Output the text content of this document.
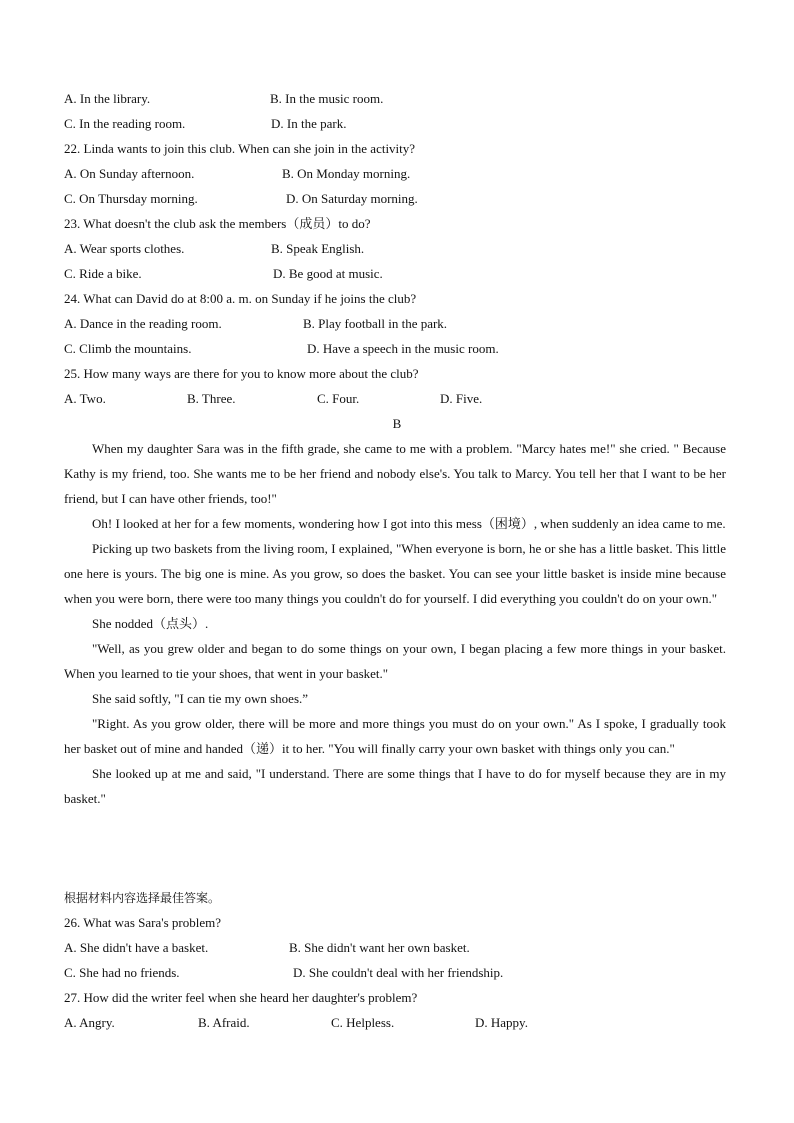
A. In the library.	B. In the music room.
C. In the reading room.	D. In the park.
22. Linda wants to join this club. When can she join in the activity?
A. On Sunday afternoon.	B. On Monday morning.
C. On Thursday morning.	D. On Saturday morning.
23. What doesn't the club ask the members（成员）to do?
A. Wear sports clothes.	B. Speak English.
C. Ride a bike.	D. Be good at music.
24. What can David do at 8:00 a. m. on Sunday if he joins the club?
A. Dance in the reading room.	B. Play football in the park.
C. Climb the mountains.	D. Have a speech in the music room.
25. How many ways are there for you to know more about the club?
A. Two.	B. Three.	C. Four.	D. Five.
B

When my daughter Sara was in the fifth grade, she came to me with a problem. "Marcy hates me!" she cried. " Because Kathy is my friend, too. She wants me to be her friend and nobody else's. You talk to Marcy. You tell her that I want to be her friend, but I can have other friends, too!"

Oh! I looked at her for a few moments, wondering how I got into this mess（困境）, when suddenly an idea came to me.

Picking up two baskets from the living room, I explained, "When everyone is born, he or she has a little basket. This little one here is yours. The big one is mine. As you grow, so does the basket. You can see your little basket is inside mine because when you were born, there were too many things you couldn't do for yourself. I did everything you couldn't do on your own."

She nodded（点头）.

"Well, as you grew older and began to do some things on your own, I began placing a few more things in your basket. When you learned to tie your shoes, that went in your basket."

She said softly, "I can tie my own shoes.”

"Right. As you grow older, there will be more and more things you must do on your own." As I spoke, I gradually took her basket out of mine and handed（递）it to her. "You will finally carry your own basket with things only you can."

She looked up at me and said, "I understand. There are some things that I have to do for myself because they are in my basket."

根据材料内容选择最佳答案。
26. What was Sara's problem?
A. She didn't have a basket.	B. She didn't want her own basket.
C. She had no friends.	D. She couldn't deal with her friendship.
27. How did the writer feel when she heard her daughter's problem?
A. Angry.	B. Afraid.	C. Helpless.	D. Happy.
